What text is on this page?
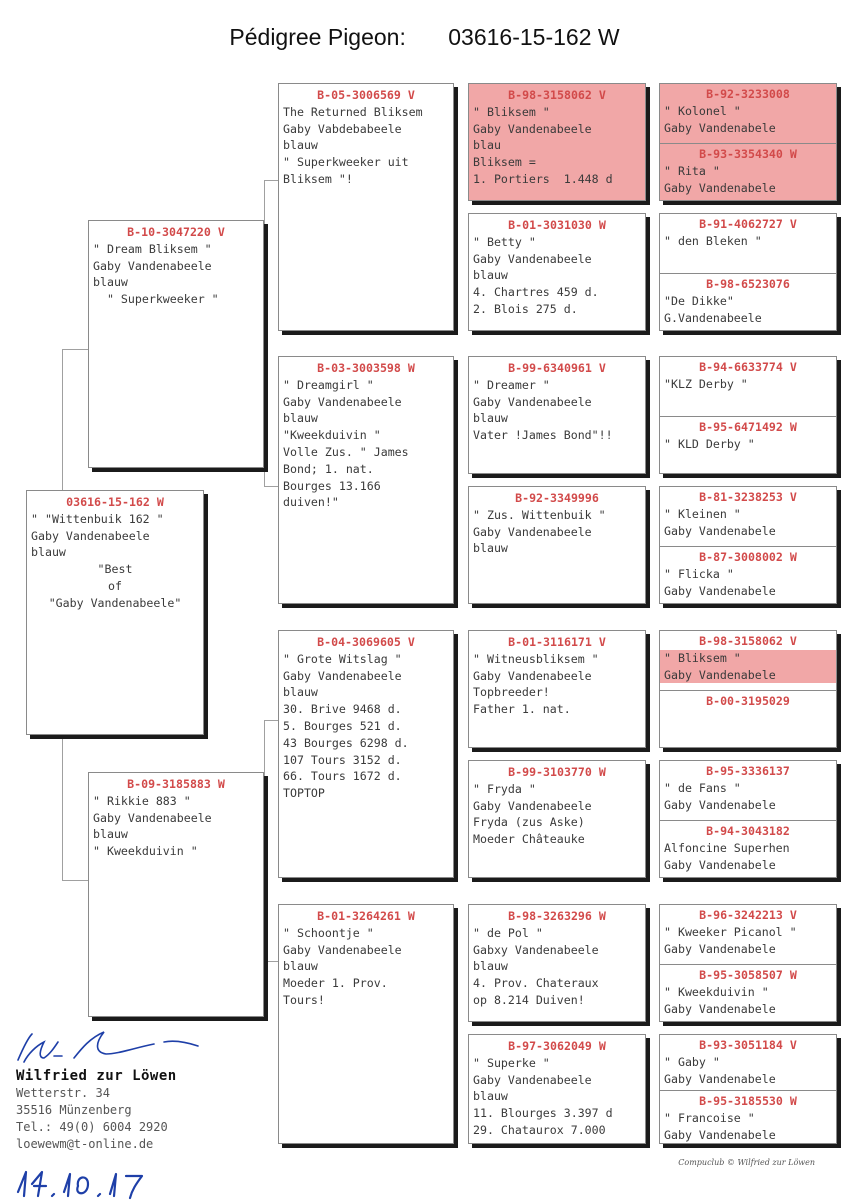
Pédigree Pigeon: 03616-15-162 W
03616-15-162 W
" "Wittenbuik 162 "
Gaby Vandenabeele
blauw
"Best
of
"Gaby Vandenabeele"
B-10-3047220 V
" Dream Bliksem "
Gaby Vandenabeele
blauw
" Superkweeker "
B-09-3185883 W
" Rikkie 883 "
Gaby Vandenabeele
blauw
" Kweekduivin "
B-05-3006569 V
The Returned Bliksem
Gaby Vabdebabeele
blauw
" Superkweeker uit
Bliksem "!
B-03-3003598 W
" Dreamgirl "
Gaby Vandenabeele
blauw
"Kweekduivin "
Volle Zus. " James
Bond; 1. nat.
Bourges 13.166
duiven!"
B-04-3069605 V
" Grote Witslag "
Gaby Vandenabeele
blauw
30. Brive 9468 d.
5. Bourges 521 d.
43 Bourges 6298 d.
107 Tours 3152 d.
66. Tours 1672 d.
TOPTOP
B-01-3264261 W
" Schoontje "
Gaby Vandenabeele
blauw
Moeder 1. Prov.
Tours!
B-98-3158062 V
" Bliksem "
Gaby Vandenabeele
blau
Bliksem =
1. Portiers  1.448 d
B-01-3031030 W
" Betty "
Gaby Vandenabeele
blauw
4. Chartres 459 d.
2. Blois 275 d.
B-99-6340961 V
" Dreamer "
Gaby Vandenabeele
blauw
Vater !James Bond"!!
B-92-3349996
" Zus. Wittenbuik "
Gaby Vandenabeele
blauw
B-01-3116171 V
" Witneusbliksem "
Gaby Vandenabeele
Topbreeder!
Father 1. nat.
B-99-3103770 W
" Fryda "
Gaby Vandenabeele
Fryda (zus Aske)
Moeder Châteauke
B-98-3263296 W
" de Pol "
Gabxy Vandenabeele
blauw
4. Prov. Chateraux
op 8.214 Duiven!
B-97-3062049 W
" Superke "
Gaby Vandenabeele
blauw
11. Blourges 3.397 d
29. Chataurox 7.000
B-92-3233008
" Kolonel "
Gaby Vandenabele
B-93-3354340 W
" Rita "
Gaby Vandenabele
B-91-4062727 V
" den Bleken "
B-98-6523076
"De Dikke"
G.Vandenabeele
B-94-6633774 V
"KLZ Derby "
B-95-6471492 W
" KLD Derby "
B-81-3238253 V
" Kleinen "
Gaby Vandenabele
B-87-3008002 W
" Flicka "
Gaby Vandenabele
B-98-3158062 V
" Bliksem "
Gaby Vandenabele
B-00-3195029
B-95-3336137
" de Fans "
Gaby Vandenabele
B-94-3043182
Alfoncine Superhen
Gaby Vandenabele
B-96-3242213 V
" Kweeker Picanol "
Gaby Vandenabele
B-95-3058507 W
" Kweekduivin "
Gaby Vandenabele
B-93-3051184 V
" Gaby "
Gaby Vandenabele
B-95-3185530 W
" Francoise "
Gaby Vandenabele
Wilfried zur Löwen
Wetterstr. 34
35516 Münzenberg
Tel.: 49(0) 6004 2920
loewewm@t-online.de
Compuclub © Wilfried zur Löwen
